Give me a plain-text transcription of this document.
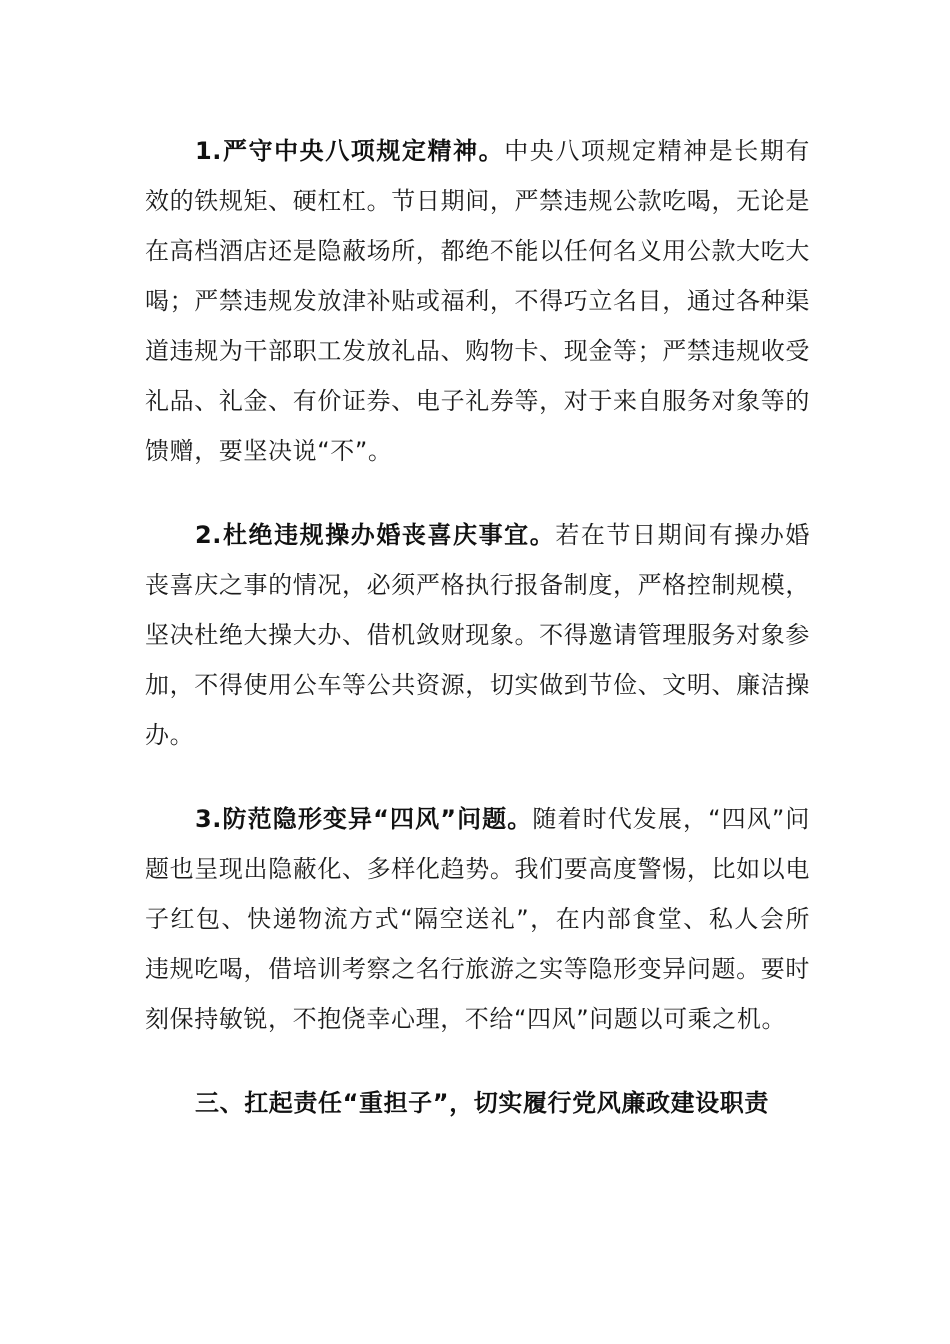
1.严守中央八项规定精神。中央八项规定精神是长期有效的铁规矩、硬杠杠。节日期间，严禁违规公款吃喝，无论是在高档酒店还是隐蔽场所，都绝不能以任何名义用公款大吃大喝；严禁违规发放津补贴或福利，不得巧立名目，通过各种渠道违规为干部职工发放礼品、购物卡、现金等；严禁违规收受礼品、礼金、有价证券、电子礼券等，对于来自服务对象等的馈赠，要坚决说“不”。

2.杜绝违规操办婚丧喜庆事宜。若在节日期间有操办婚丧喜庆之事的情况，必须严格执行报备制度，严格控制规模，坚决杜绝大操大办、借机敛财现象。不得邀请管理服务对象参加，不得使用公车等公共资源，切实做到节俭、文明、廉洁操办。

3.防范隐形变异“四风”问题。随着时代发展，“四风”问题也呈现出隐蔽化、多样化趋势。我们要高度警惕，比如以电子红包、快递物流方式“隔空送礼”，在内部食堂、私人会所违规吃喝，借培训考察之名行旅游之实等隐形变异问题。要时刻保持敏锐，不抱侥幸心理，不给“四风”问题以可乘之机。

三、扛起责任“重担子”，切实履行党风廉政建设职责
